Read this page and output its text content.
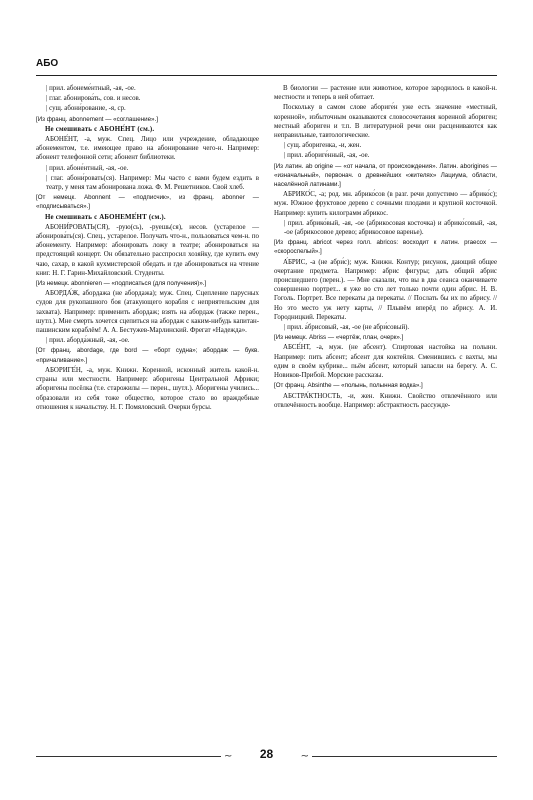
АБО

| прил. абонеме́нтный, -ая, -ое.

| глаг. абонирова́ть, сов. и несов.

| сущ. абони́рование, -я, ср.

[Из франц. abonnement — «соглашение».]

Не смешивать с АБОНЕ́НТ (см.).

АБОНЕ́НТ, -а, муж. Спец. Лицо или учреждение, обладающее абонементом, т.е. имеющее право на абонирование чего-н. Например: абонент телефонной сети; абонент библиотеки.

| прил. абоне́нтный, -ая, -ое.

| глаг. абони́ровать(ся). Например: Мы часто с вами будем ездить в театр, у меня там абонирована ложа. Ф. М. Решетников. Свой хлеб.

[От немецк. Abonnent — «подписчик», из франц. abonner — «подписываться».]

Не смешивать с АБОНЕМЕ́НТ (см.).

АБОНИ́РОВАТЬ(СЯ), -рую(сь), -руешь(ся), несов. (устарелое — абонирова́ть(ся). Спец., устарелое. Получать что-н., пользоваться чем-н. по абонементу. Например: абонировать ложу в театре; абонироваться на предстоящий концерт. Он обязательно расспросил хозяйку, где купить ему чаю, сахар, в какой кухмистерской обедать и где абонироваться на чтение книг. Н. Г. Гарин-Михайловский. Студенты.

[Из немецк. abonnieren — «подписаться (для получения)».]

АБОРДА́Ж, абордажа (не абордажа); муж. Спец. Сцепление парусных судов для рукопашного боя (атакующего корабля с неприятельским для захвата). Например: применить абордаж; взять на абордаж (также перен., шутл.). Мне смерть хочется сцепиться на абордаж с каким-нибудь капитан-пашинским кораблём! А. А. Бестужев-Марлинский. Фрегат «Надежда».

| прил. аборда́жный, -ая, -ое.

[От франц. abordage, где bord — «борт судна»; абордаж — букв. «причаливание».]

АБОРИГЕ́Н, -а, муж. Книжн. Коренной, исконный житель какой-н. страны или местности. Например: аборигены Центральной Африки; аборигены посёлка (т.е. старожилы — перен., шутл.). Аборигены учились... образовали из себя тоже общество, которое стало во враждебные отношения к начальству. Н. Г. Помяловский. Очерки бурсы.

В биологии — растение или животное, которое зародилось в какой-н. местности и теперь в ней обитает.

Поскольку в самом слове абориге́н уже есть значение «местный, коренной», избыточным оказываются словосочетания коренной абориген; местный абориген и т.п. В литературной речи они расцениваются как неправильные, тавтологические.

| сущ. аборигенка, -и, жен.

| прил. абориге́нный, -ая, -ое.

[Из латин. ab origine — «от начала, от происхождения». Латин. aborigines — «изначальный», первонач. о древнейших «жителях» Лациума, области, населённой латинами.]

АБРИКО́С, -а; род. мн. абрико́сов (в разг. речи допустимо — абрико́с); муж. Южное фруктовое дерево с сочными плодами и крупной косточкой. Например: купить килограмм абрикос.

| прил. абрико́вый, -ая, -ое (абрикосовая косточка) и абрико́совый, -ая, -ое (абрикосовое дерево; абрикосовое варенье).

[Из франц. abricot через голл. abricos: восходит к латин. praecox — «скороспелый».]

А́БРИС, -а (не абри́с); муж. Книжн. Контур; рисунок, дающий общее очертание предмета. Например: абрис фигуры; дать общий абрис происшедшего (перен.). — Мне сказали, что вы в два сеанса оканчиваете совершенно портрет... я уже во сто лет только почти один абрис. Н. В. Гоголь. Портрет. Все перекаты да перекаты. // Послать бы их по абрису. // Но это место уж нету карты, // Плывём вперёд по абрису. А. И. Городницкий. Перекаты.

| прил. а́брисовый, -ая, -ое (не абри́совый).

[Из немецк. Abriss — «чертёж, план, очерк».]

АБСЕ́НТ, -а, муж. (не абсент). Спиртовая настойка на полыни. Например: пить абсент; абсент для коктейля. Сменившись с вахты, мы едим в своём кубрике... пьём абсент, который запасли на берегу. А. С. Новиков-Прибой. Морские рассказы.

[От франц. Absinthe — «полынь, полынная водка».]

АБСТРА́КТНОСТЬ, -и, жен. Книжн. Свойство отвлечённого или отвлечённость вообще. Например: абстрактность рассужде-

~	28	~
